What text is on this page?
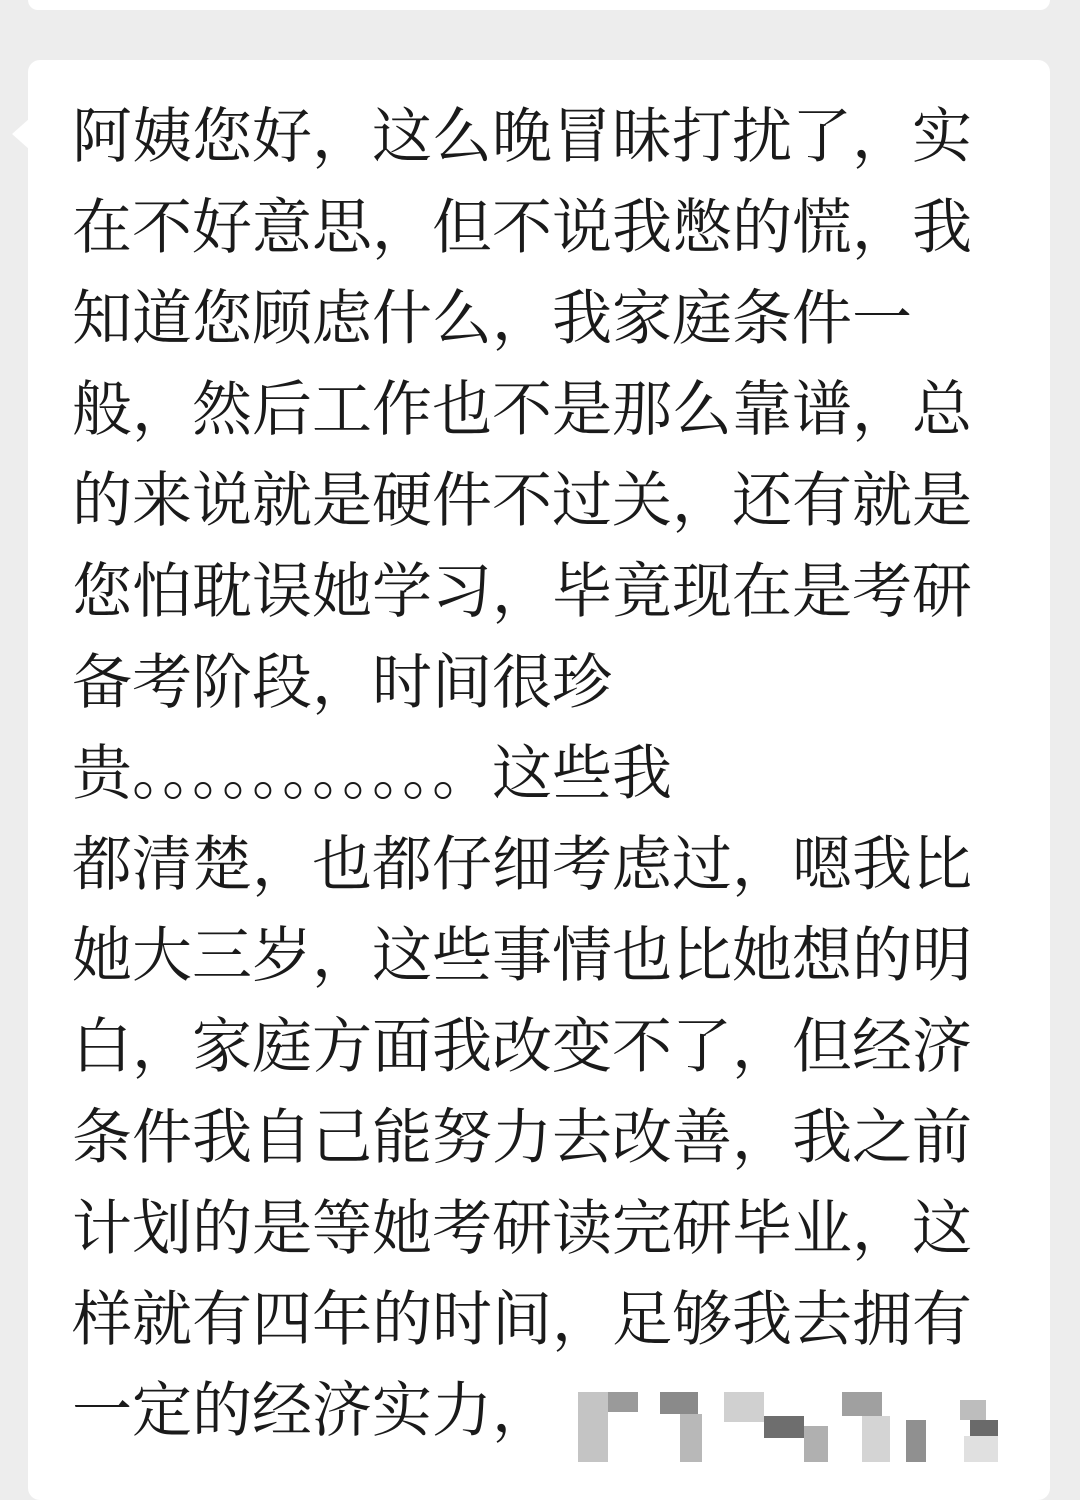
阿姨您好，这么晚冒昧打扰了，实
在不好意思，但不说我憋的慌，我
知道您顾虑什么，我家庭条件一
般，然后工作也不是那么靠谱，总
的来说就是硬件不过关，还有就是
您怕耽误她学习，毕竟现在是考研
备考阶段，时间很珍
贵。。。。。。。。。。。这些我
都清楚，也都仔细考虑过，嗯我比
她大三岁，这些事情也比她想的明
白，家庭方面我改变不了，但经济
条件我自己能努力去改善，我之前
计划的是等她考研读完研毕业，这
样就有四年的时间，足够我去拥有
一定的经济实力，
